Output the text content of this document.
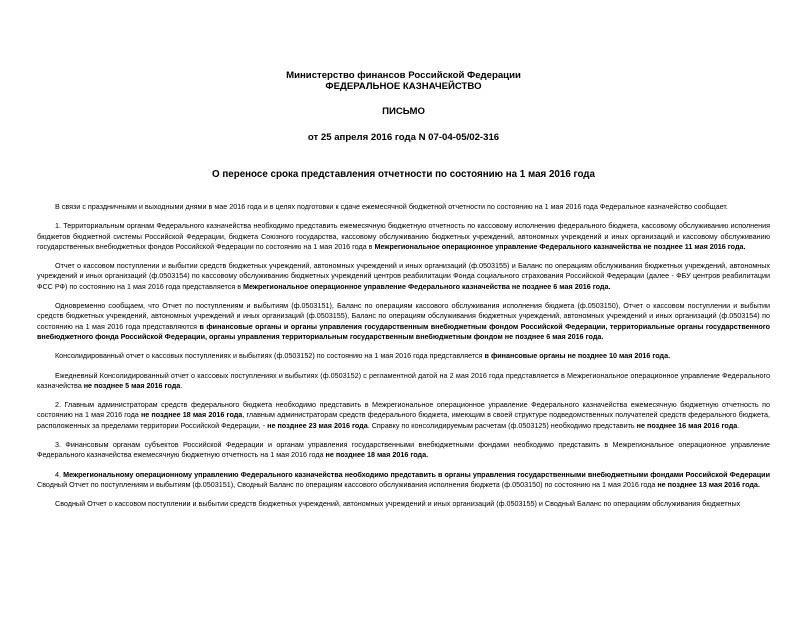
Министерство финансов Российской Федерации
ФЕДЕРАЛЬНОЕ КАЗНАЧЕЙСТВО
ПИСЬМО
от 25 апреля 2016 года N 07-04-05/02-316
О переносе срока представления отчетности по состоянию на 1 мая 2016 года

В связи с праздничными и выходными днями в мае 2016 года и в целях подготовки к сдаче ежемесячной бюджетной отчетности по состоянию на 1 мая 2016 года Федеральное казначейство сообщает.

1. Территориальным органам Федерального казначейства необходимо представить ежемесячную бюджетную отчетность по кассовому исполнению федерального бюджета, кассовому обслуживанию исполнения бюджетов бюджетной системы Российской Федерации, бюджета Союзного государства, кассовому обслуживанию бюджетных учреждений, автономных учреждений и иных организаций и кассовому обслуживанию государственных внебюджетных фондов Российской Федерации по состоянию на 1 мая 2016 года в Межрегиональное операционное управление Федерального казначейства не позднее 11 мая 2016 года.

Отчет о кассовом поступлении и выбытии средств бюджетных учреждений, автономных учреждений и иных организаций (ф.0503155) и Баланс по операциям обслуживания бюджетных учреждений, автономных учреждений и иных организаций (ф.0503154) по кассовому обслуживанию бюджетных учреждений центров реабилитации Фонда социального страхования Российской Федерации (далее - ФБУ центров реабилитации ФСС РФ) по состоянию на 1 мая 2016 года представляется в Межрегиональное операционное управление Федерального казначейства не позднее 6 мая 2016 года.

Одновременно сообщаем, что Отчет по поступлениям и выбытиям (ф.0503151), Баланс по операциям кассового обслуживания исполнения бюджета (ф.0503150), Отчет о кассовом поступлении и выбытии средств бюджетных учреждений, автономных учреждений и иных организаций (ф.0503155), Баланс по операциям обслуживания бюджетных учреждений, автономных учреждений и иных организаций (ф.0503154) по состоянию на 1 мая 2016 года представляются в финансовые органы и органы управления государственным внебюджетным фондом Российской Федерации, территориальные органы государственного внебюджетного фонда Российской Федерации, органы управления территориальным государственным внебюджетным фондом не позднее 6 мая 2016 года.

Консолидированный отчет о кассовых поступлениях и выбытиях (ф.0503152) по состоянию на 1 мая 2016 года представляется в финансовые органы не позднее 10 мая 2016 года.

Ежедневный Консолидированный отчет о кассовых поступлениях и выбытиях (ф.0503152) с регламентной датой на 2 мая 2016 года представляется в Межрегиональное операционное управление Федерального казначейства не позднее 5 мая 2016 года.

2. Главным администраторам средств федерального бюджета необходимо представить в Межрегиональное операционное управление Федерального казначейства ежемесячную бюджетную отчетность по состоянию на 1 мая 2016 года не позднее 18 мая 2016 года, главным администраторам средств федерального бюджета, имеющим в своей структуре подведомственных получателей средств федерального бюджета, расположенных за пределами территории Российской Федерации, - не позднее 23 мая 2016 года. Справку по консолидируемым расчетам (ф.0503125) необходимо представить не позднее 16 мая 2016 года.

3. Финансовым органам субъектов Российской Федерации и органам управления государственными внебюджетными фондами необходимо представить в Межрегиональное операционное управление Федерального казначейства ежемесячную бюджетную отчетность на 1 мая 2016 года не позднее 18 мая 2016 года.

4. Межрегиональному операционному управлению Федерального казначейства необходимо представить в органы управления государственными внебюджетными фондами Российской Федерации Сводный Отчет по поступлениям и выбытиям (ф.0503151), Сводный Баланс по операциям кассового обслуживания исполнения бюджета (ф.0503150) по состоянию на 1 мая 2016 года не позднее 13 мая 2016 года.

Сводный Отчет о кассовом поступлении и выбытии средств бюджетных учреждений, автономных учреждений и иных организаций (ф.0503155) и Сводный Баланс по операциям обслуживания бюджетных
